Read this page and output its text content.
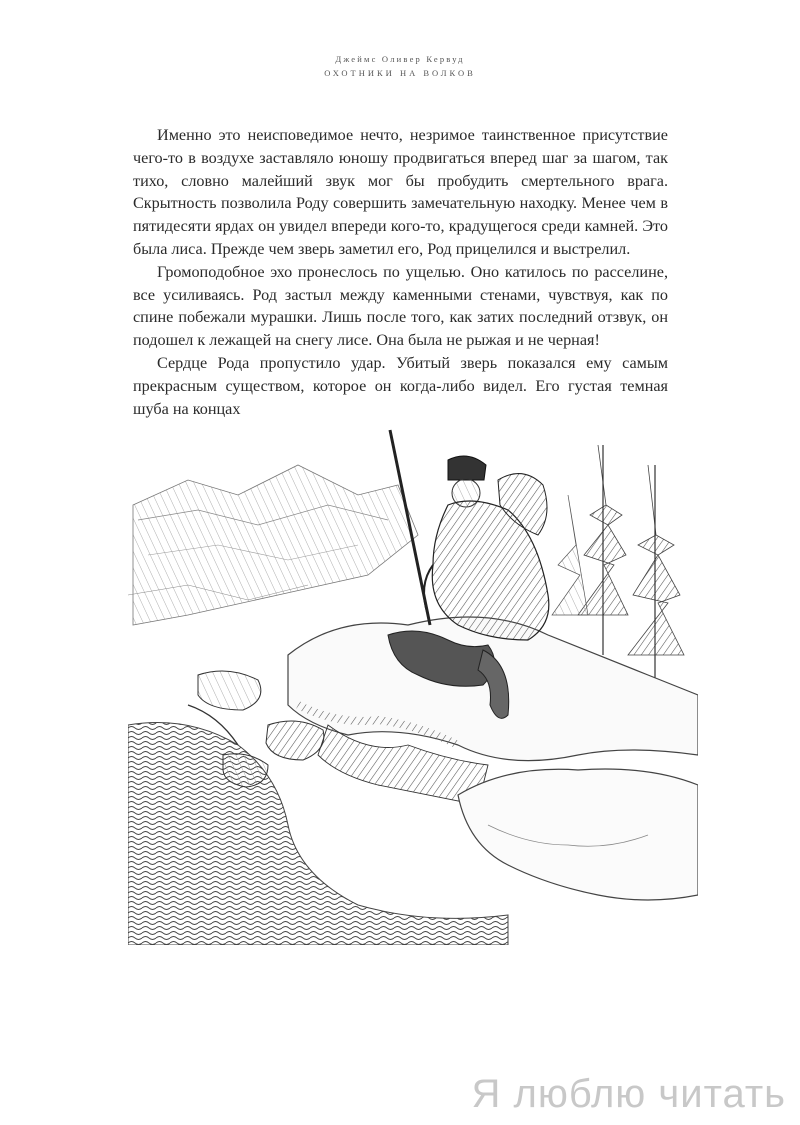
Джеймс Оливер Кервуд
ОХОТНИКИ НА ВОЛКОВ

Именно это неисповедимое нечто, незримое таинственное присутствие чего-то в воздухе заставляло юношу продвигаться вперед шаг за шагом, так тихо, словно малейший звук мог бы пробудить смертельного врага. Скрытность позволила Роду совершить замечательную находку. Менее чем в пятидесяти ярдах он увидел впереди кого-то, крадущегося среди камней. Это была лиса. Прежде чем зверь заметил его, Род прицелился и выстрелил.

Громоподобное эхо пронеслось по ущелью. Оно катилось по расселине, все усиливаясь. Род застыл между каменными стенами, чувствуя, как по спине побежали мурашки. Лишь после того, как затих последний отзвук, он подошел к лежащей на снегу лисе. Она была не рыжая и не черная!

Сердце Рода пропустило удар. Убитый зверь показался ему самым прекрасным существом, которое он когда-либо видел. Его густая темная шуба на концах

Я люблю читать
